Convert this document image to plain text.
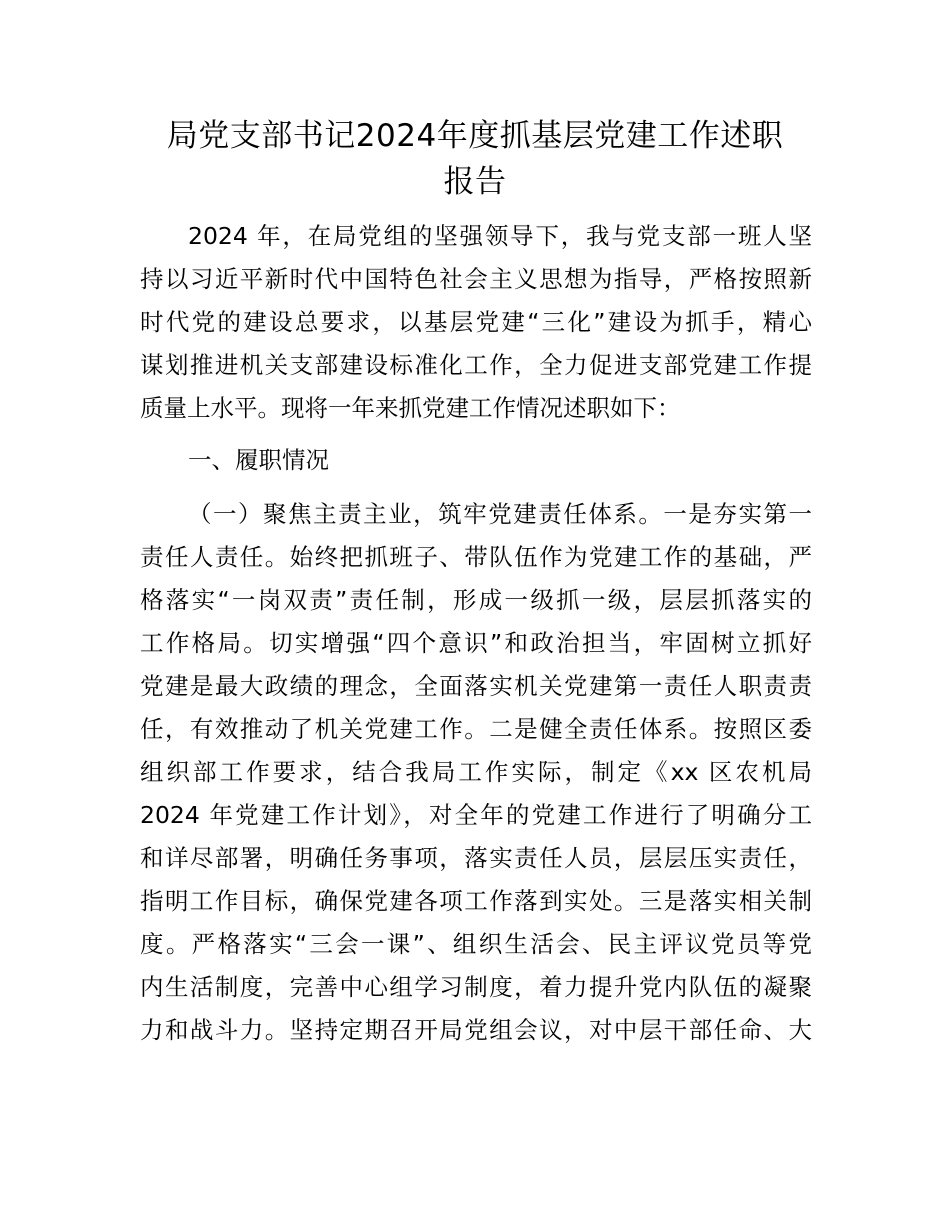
局党支部书记2024年度抓基层党建工作述职
报告
2024 年，在局党组的坚强领导下，我与党支部一班人坚
持以习近平新时代中国特色社会主义思想为指导，严格按照新
时代党的建设总要求，以基层党建“三化”建设为抓手，精心
谋划推进机关支部建设标准化工作，全力促进支部党建工作提
质量上水平。现将一年来抓党建工作情况述职如下：
一、履职情况
（一）聚焦主责主业，筑牢党建责任体系。一是夯实第一
责任人责任。始终把抓班子、带队伍作为党建工作的基础，严
格落实“一岗双责”责任制，形成一级抓一级，层层抓落实的
工作格局。切实增强“四个意识”和政治担当，牢固树立抓好
党建是最大政绩的理念，全面落实机关党建第一责任人职责责
任，有效推动了机关党建工作。二是健全责任体系。按照区委
组织部工作要求，结合我局工作实际，制定《xx 区农机局
2024 年党建工作计划》，对全年的党建工作进行了明确分工
和详尽部署，明确任务事项，落实责任人员，层层压实责任，
指明工作目标，确保党建各项工作落到实处。三是落实相关制
度。严格落实“三会一课”、组织生活会、民主评议党员等党
内生活制度，完善中心组学习制度，着力提升党内队伍的凝聚
力和战斗力。坚持定期召开局党组会议，对中层干部任命、大
